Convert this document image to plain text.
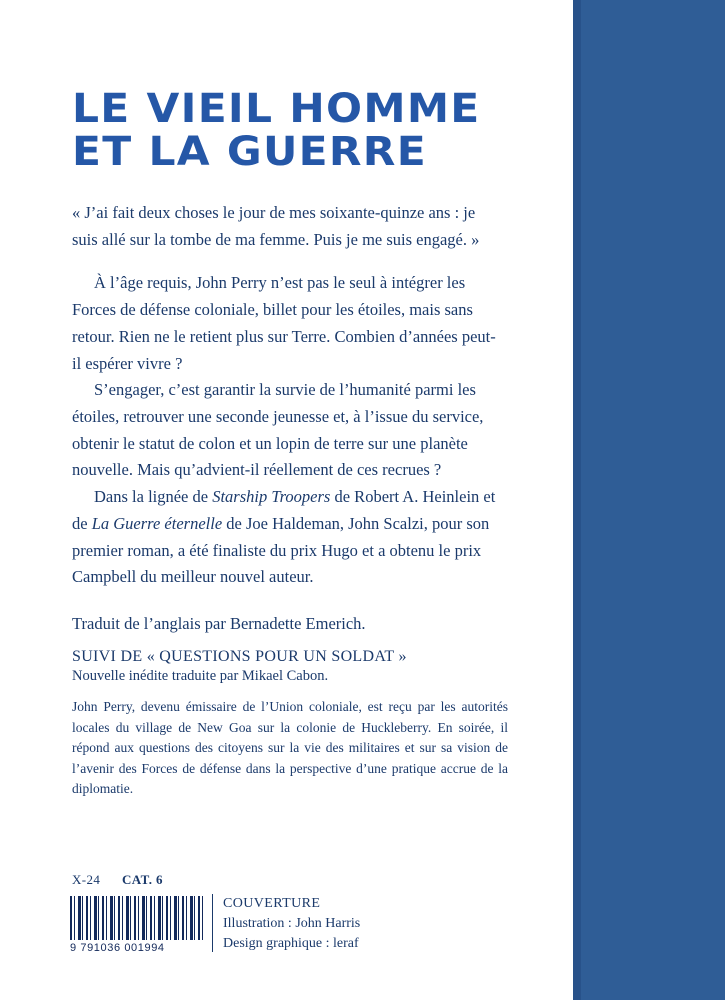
LE VIEIL HOMME
ET LA GUERRE

« J’ai fait deux choses le jour de mes soixante-quinze ans : je suis allé sur la tombe de ma femme. Puis je me suis engagé. »

À l’âge requis, John Perry n’est pas le seul à intégrer les Forces de défense coloniale, billet pour les étoiles, mais sans retour. Rien ne le retient plus sur Terre. Combien d’années peut-il espérer vivre ?

S’engager, c’est garantir la survie de l’humanité parmi les étoiles, retrouver une seconde jeunesse et, à l’issue du service, obtenir le statut de colon et un lopin de terre sur une planète nouvelle. Mais qu’advient-il réellement de ces recrues ?

Dans la lignée de Starship Troopers de Robert A. Heinlein et de La Guerre éternelle de Joe Haldeman, John Scalzi, pour son premier roman, a été finaliste du prix Hugo et a obtenu le prix Campbell du meilleur nouvel auteur.

Traduit de l’anglais par Bernadette Emerich.

SUIVI DE « QUESTIONS POUR UN SOLDAT »
Nouvelle inédite traduite par Mikael Cabon.
John Perry, devenu émissaire de l’Union coloniale, est reçu par les autorités locales du village de New Goa sur la colonie de Huckleberry. En soirée, il répond aux questions des citoyens sur la vie des militaires et sur sa vision de l’avenir des Forces de défense dans la perspective d’une pratique accrue de la diplomatie.
X-24 CAT. 6
9 791036 001994
COUVERTURE
Illustration : John Harris
Design graphique : leraf
